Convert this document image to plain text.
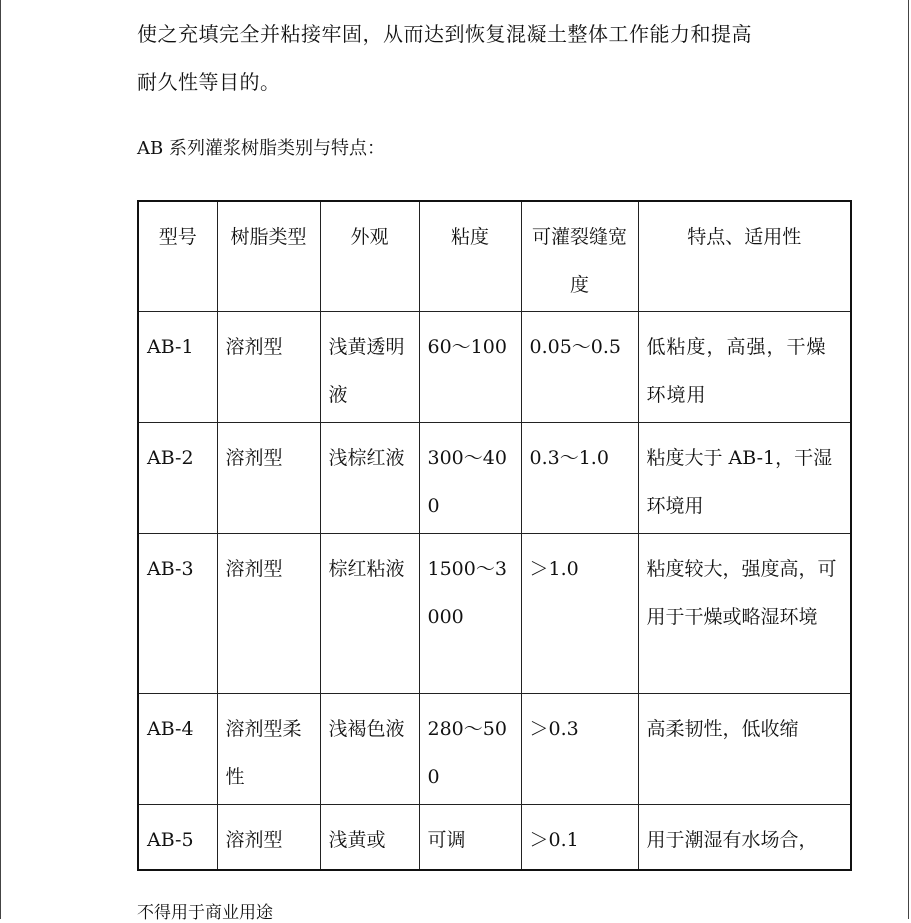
使之充填完全并粘接牢固，从而达到恢复混凝土整体工作能力和提高
耐久性等目的。
AB 系列灌浆树脂类别与特点：
型号	树脂类型	外观	粘度	可灌裂缝宽度	特点、适用性
AB-1	溶剂型	浅黄透明液	60～100	0.05～0.5	低粘度，高强，干燥环境用
AB-2	溶剂型	浅棕红液	300～400	0.3～1.0	粘度大于 AB-1，干湿环境用
AB-3	溶剂型	棕红粘液	1500～3000	＞1.0	粘度较大，强度高，可用于干燥或略湿环境
AB-4	溶剂型柔性	浅褐色液	280～500	＞0.3	高柔韧性，低收缩
AB-5	溶剂型	浅黄或	可调	＞0.1	用于潮湿有水场合，
不得用于商业用途
